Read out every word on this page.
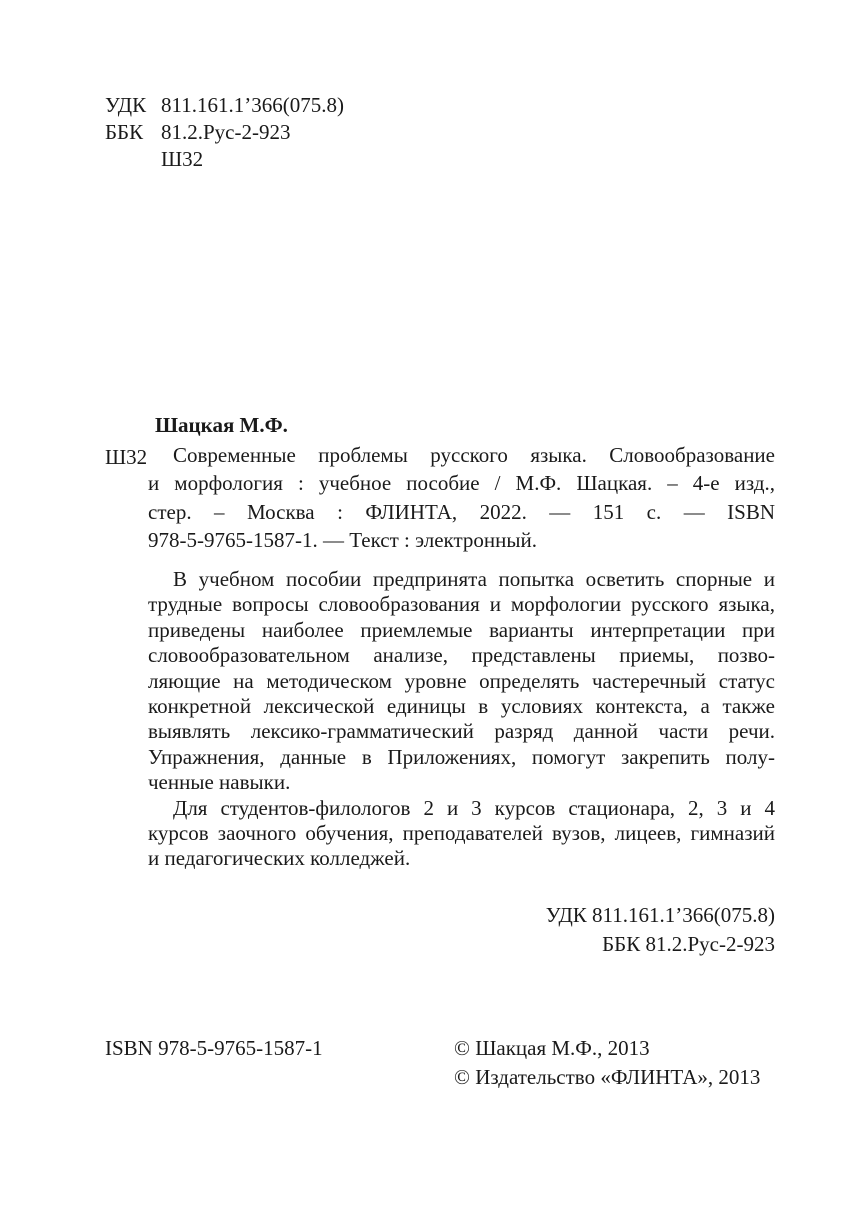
УДК 811.161.1’366(075.8)
ББК 81.2.Рус-2-923
Ш32
Шацкая М.Ф.
Ш32	Современные проблемы русского языка. Словообразование
и морфология : учебное пособие / М.Ф. Шацкая. – 4-е изд.,
стер. – Москва : ФЛИНТА, 2022. — 151 с. — ISBN
978-5-9765-1587-1. — Текст : электронный.
В учебном пособии предпринята попытка осветить спорные и
трудные вопросы словообразования и морфологии русского языка,
приведены наиболее приемлемые варианты интерпретации при
словообразовательном анализе, представлены приемы, позво-
ляющие на методическом уровне определять частеречный статус
конкретной лексической единицы в условиях контекста, а также
выявлять лексико-грамматический разряд данной части речи.
Упражнения, данные в Приложениях, помогут закрепить полу-
ченные навыки.
Для студентов-филологов 2 и 3 курсов стационара, 2, 3 и 4
курсов заочного обучения, преподавателей вузов, лицеев, гимназий
и педагогических колледжей.
УДК 811.161.1’366(075.8)
ББК 81.2.Рус-2-923
ISBN 978-5-9765-1587-1	© Шакцая М.Ф., 2013
© Издательство «ФЛИНТА», 2013
